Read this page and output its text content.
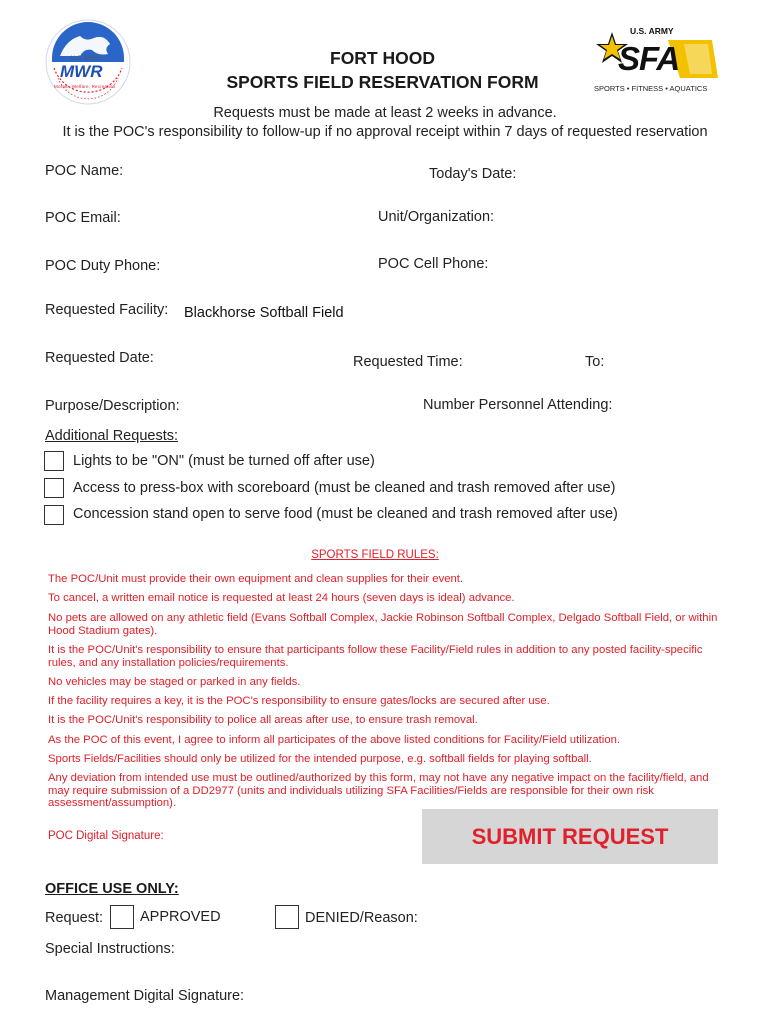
U.S. ARMY
MWR
Morale, Welfare, Recreation
FORT HOOD
SPORTS FIELD RESERVATION FORM
U.S. ARMY
SFA
SPORTS • FITNESS • AQUATICS
Requests must be made at least 2 weeks in advance.
It is the POC's responsibility to follow-up if no approval receipt within 7 days of requested reservation
POC Name:	Today's Date:
POC Email:	Unit/Organization:
POC Duty Phone:	POC Cell Phone:
Requested Facility: Blackhorse Softball Field
Requested Date:	Requested Time:	To:
Purpose/Description:	Number Personnel Attending:
Additional Requests:
Lights to be "ON" (must be turned off after use)
Access to press-box with scoreboard (must be cleaned and trash removed after use)
Concession stand open to serve food (must be cleaned and trash removed after use)
SPORTS FIELD RULES:
The POC/Unit must provide their own equipment and clean supplies for their event.
To cancel, a written email notice is requested at least 24 hours (seven days is ideal) advance.
No pets are allowed on any athletic field (Evans Softball Complex, Jackie Robinson Softball Complex, Delgado Softball Field, or within Hood Stadium gates).
It is the POC/Unit's responsibility to ensure that participants follow these Facility/Field rules in addition to any posted facility-specific rules, and any installation policies/requirements.
No vehicles may be staged or parked in any fields.
If the facility requires a key, it is the POC's responsibility to ensure gates/locks are secured after use.
It is the POC/Unit's responsibility to police all areas after use, to ensure trash removal.
As the POC of this event, I agree to inform all participates of the above listed conditions for Facility/Field utilization.
Sports Fields/Facilities should only be utilized for the intended purpose, e.g. softball fields for playing softball.
Any deviation from intended use must be outlined/authorized by this form, may not have any negative impact on the facility/field, and may require submission of a DD2977 (units and individuals utilizing SFA Facilities/Fields are responsible for their own risk assessment/assumption).
POC Digital Signature:	SUBMIT REQUEST
OFFICE USE ONLY:
Request:	APPROVED	DENIED/Reason:
Special Instructions:
Management Digital Signature:
